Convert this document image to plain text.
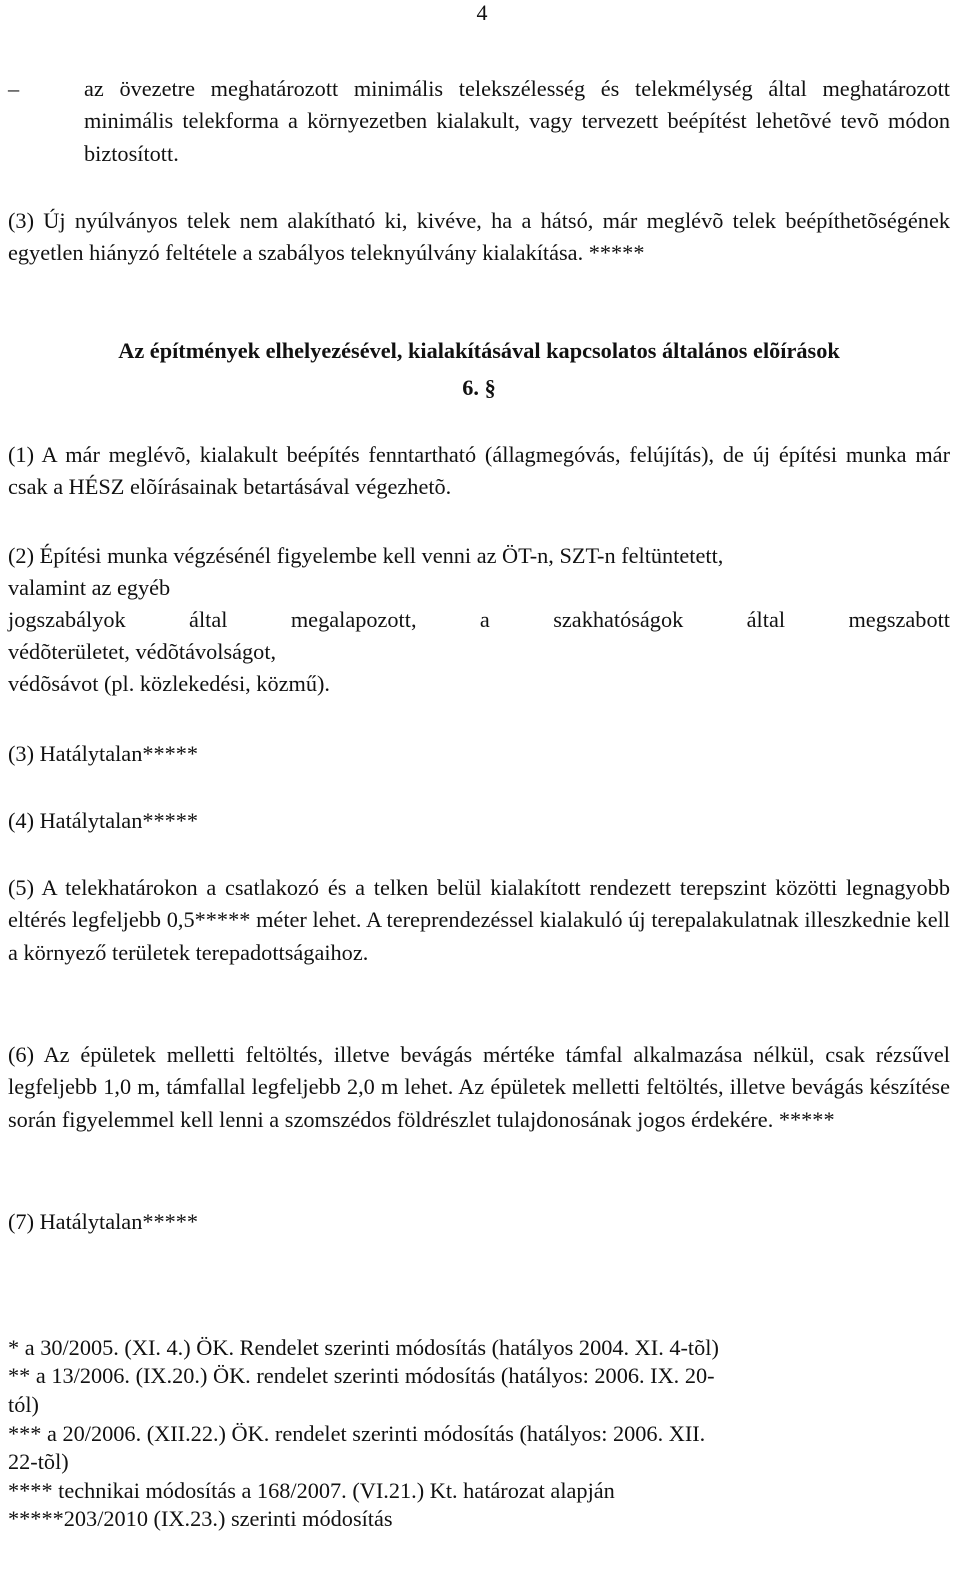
4
–	az övezetre meghatározott minimális telekszélesség és telekmélység által meghatározott minimális telekforma a környezetben kialakult, vagy tervezett beépítést lehetõvé tevõ módon biztosított.
(3) Új nyúlványos telek nem alakítható ki, kivéve, ha a hátsó, már meglévõ telek beépíthetõségének egyetlen hiányzó feltétele a szabályos teleknyúlvány kialakítása. *****
Az építmények elhelyezésével, kialakításával kapcsolatos általános elõírások
6. §
(1) A már meglévõ, kialakult beépítés fenntartható (állagmegóvás, felújítás), de új építési munka már csak a HÉSZ elõírásainak betartásával végezhetõ.
(2) Építési munka végzésénél figyelembe kell venni az ÖT-n, SZT-n feltüntetett,
valamint az egyéb
jogszabályok által megalapozott, a szakhatóságok által megszabott
védõterületet, védõtávolságot,
védõsávot (pl. közlekedési, közmű).
(3) Hatálytalan*****
(4) Hatálytalan*****
(5) A telekhatárokon a csatlakozó és a telken belül kialakított rendezett terepszint közötti legnagyobb eltérés legfeljebb 0,5***** méter lehet. A tereprendezéssel kialakuló új terepalakulatnak illeszkednie kell a környező területek terepadottságaihoz.
(6) Az épületek melletti feltöltés, illetve bevágás mértéke támfal alkalmazása nélkül, csak rézsűvel legfeljebb 1,0 m, támfallal legfeljebb 2,0 m lehet. Az épületek melletti feltöltés, illetve bevágás készítése során figyelemmel kell lenni a szomszédos földrészlet tulajdonosának jogos érdekére. *****
(7) Hatálytalan*****
* a 30/2005. (XI. 4.) ÖK. Rendelet szerinti módosítás (hatályos 2004. XI. 4-tõl)
** a 13/2006. (IX.20.) ÖK. rendelet szerinti módosítás (hatályos: 2006. IX. 20-
tól)
*** a 20/2006. (XII.22.) ÖK. rendelet szerinti módosítás (hatályos: 2006. XII.
22-tõl)
**** technikai módosítás a 168/2007. (VI.21.) Kt. határozat alapján
*****203/2010 (IX.23.) szerinti módosítás
